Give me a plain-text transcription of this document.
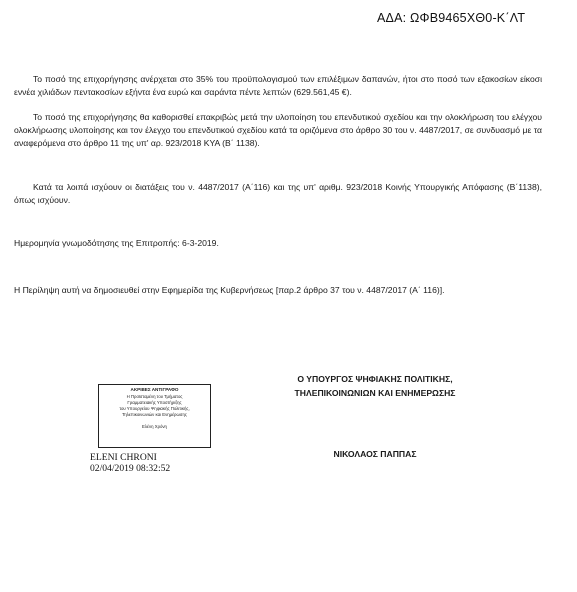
ΑΔΑ: ΩΦΒ9465ΧΘ0-Κ΄ΛΤ

Το ποσό της επιχορήγησης ανέρχεται στο 35% του προϋπολογισμού των επιλέξιμων δαπανών, ήτοι στο ποσό των εξακοσίων είκοσι εννέα χιλιάδων πεντακοσίων εξήντα ένα ευρώ και σαράντα πέντε λεπτών (629.561,45 €).

Το ποσό της επιχορήγησης θα καθορισθεί επακριβώς μετά την υλοποίηση του επενδυτικού σχεδίου και την ολοκλήρωση του ελέγχου ολοκλήρωσης υλοποίησης και τον έλεγχο του επενδυτικού σχεδίου κατά τα οριζόμενα στο άρθρο 30 του ν. 4487/2017, σε συνδυασμό με τα αναφερόμενα στο άρθρο 11 της υπ' αρ. 923/2018 ΚΥΑ (Β΄ 1138).

Κατά τα λοιπά ισχύουν οι διατάξεις του ν. 4487/2017 (Α΄116) και της υπ' αριθμ. 923/2018 Κοινής Υπουργικής Απόφασης (Β΄1138), όπως ισχύουν.

Ημερομηνία γνωμοδότησης της Επιτροπής: 6-3-2019.

Η Περίληψη αυτή να δημοσιευθεί στην Εφημερίδα της Κυβερνήσεως [παρ.2 άρθρο 37 του ν. 4487/2017 (Α΄ 116)].

Ο ΥΠΟΥΡΓΟΣ ΨΗΦΙΑΚΗΣ ΠΟΛΙΤΙΚΗΣ,
ΤΗΛΕΠΙΚΟΙΝΩΝΙΩΝ ΚΑΙ ΕΝΗΜΕΡΩΣΗΣ
ΝΙΚΟΛΑΟΣ ΠΑΠΠΑΣ
ΑΚΡΙΒΕΣ ΑΝΤΙΓΡΑΦΟ
Η Προϊσταμένη του Τμήματος
Γραμματειακής Υποστήριξης
του Υπουργείου Ψηφιακής Πολιτικής,
Τηλεπικοινωνιών και Ενημέρωσης
Ελένη Χρόνη
ELENI CHRONI
02/04/2019 08:32:52
